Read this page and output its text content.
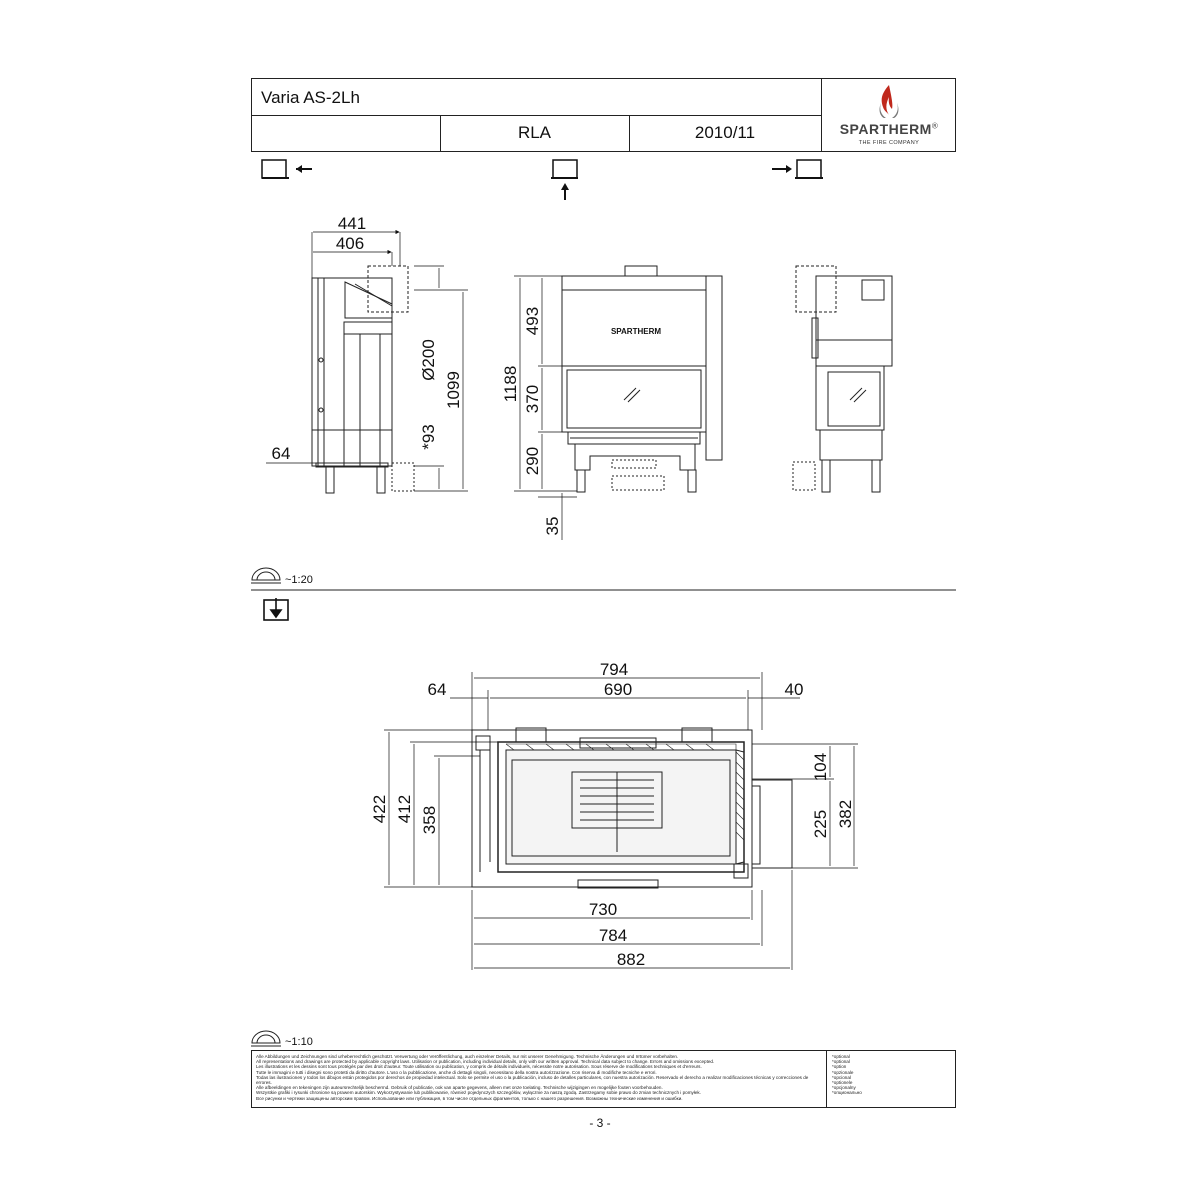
Varia AS-2Lh
RLA	2010/11	SPARTHERM®
THE FIRE COMPANY
441
406
64
Ø200
*93
1099
SPARTHERM
1188
493
370
290
35
~1:20
794
690
64	40
422 412 358
104
225 382
730
784
882
~1:10
Alle Abbildungen und Zeichnungen sind urheberrechtlich geschützt. Verwertung oder Veröffentlichung, auch einzelner Details, nur mit unserer Genehmigung. Technische Änderungen und Irrtümer vorbehalten.
All representations and drawings are protected by applicable copyright laws. Utilisation or publication, including individual details, only with our written approval. Technical data subject to change. Errors and omissions excepted.
Les illustrations et les dessins sont tous protégés par des droit d'auteur. Toute utilisation ou publication, y compris de détails individuels, nécessite notre autorisation. Sous réserve de modifications techniques et d'erreurs.
Tutte le immagini e tutti i disegni sono protetti da diritto d'autore. L'uso o la pubblicazione, anche di dettagli singoli, necessitano della nostra autorizzazione. Con riserva di modifiche tecniche e errori.
Todas las ilustraciones y todos los dibujos están protegidos por derechos de propiedad intelectual. Solo se permite el uso o la publicación, incluso de detalles particulares, con nuestra autorización. Reservado el derecho a realizar modificaciones técnicas y correcciones de errores.
Alle afbeeldingen en tekeningen zijn auteursrechtelijk beschermd. Gebruik of publicatie, ook van aparte gegevens, alleen met onze toelating. Technische wijzigingen en mogelijke fouten voorbehouden.
Wszystkie grafiki i rysunki chronione są prawem autorskim. Wykorzystywanie lub publikowanie, również pojedynczych szczegółów, wyłącznie za naszą zgodą. Zastrzegamy sobie prawo do zmian technicznych i pomyłek.
Все рисунки и чертежи защищены авторским правом. Использование или публикация, в том числе отдельных фрагментов, только с нашего разрешения. Возможны технические изменения и ошибки.
*optional
*optional
*option
*opzionale
*opcional
*optionele
*opcjonalny
*опционально
- 3 -
